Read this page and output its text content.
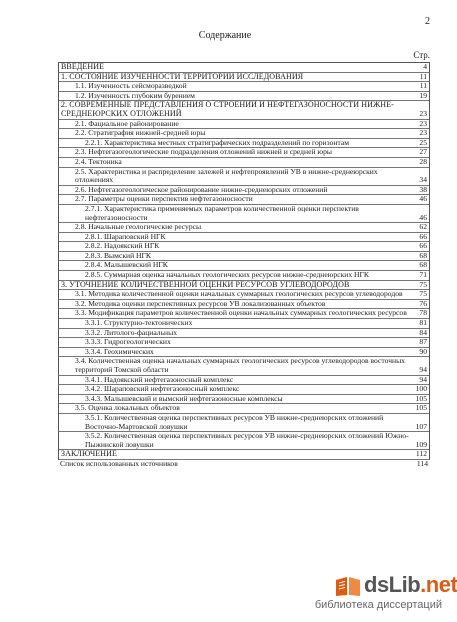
2
Содержание
Стр.
ВВЕДЕНИЕ	4
1. СОСТОЯНИЕ ИЗУЧЕННОСТИ ТЕРРИТОРИИ ИССЛЕДОВАНИЯ	11
1.1. Изученность сейсморазведкой	11
1.2. Изученность глубоким бурением	19
2. СОВРЕМЕННЫЕ ПРЕДСТАВЛЕНИЯ О СТРОЕНИИ И НЕФТЕГАЗОНОСНОСТИ НИЖНЕ-СРЕДНЕЮРСКИХ ОТЛОЖЕНИЙ	23
2.1. Фациальное районирование	23
2.2. Стратиграфия нижней-средней юры	23
2.2.1. Характеристика местных стратиграфических подразделений по горизонтам	25
2.3. Нефтегазогеологические подразделения отложений нижней и средней юры	27
2.4. Тектоника	28
2.5. Характеристика и распределение залежей и нефтепроявлений УВ в нижне-среднеюрских отложениях	34
2.6. Нефтегазогеологическое районирование нижне-среднеюрских отложений	38
2.7. Параметры оценки перспектив нефтегазоносности	46
2.7.1. Характеристика применяемых параметров количественной оценки перспектив нефтегазоносности	46
2.8. Начальные геологические ресурсы	62
2.8.1. Шараповский НГК	66
2.8.2. Надоякский НГК	66
2.8.3. Вымский НГК	68
2.8.4. Малышевский НГК	68
2.8.5. Суммарная оценка начальных геологических ресурсов нижне-среднеюрских НГК	71
3. УТОЧНЕНИЕ КОЛИЧЕСТВЕННОЙ ОЦЕНКИ РЕСУРСОВ УГЛЕВОДОРОДОВ	75
3.1. Методика количественной оценки начальных суммарных геологических ресурсов углеводородов	75
3.2. Методика оценки перспективных ресурсов УВ локализованных объектов	76
3.3. Модификация параметров количественной оценки начальных суммарных геологических ресурсов	78
3.3.1. Структурно-тектонических	81
3.3.2. Литолого-фациальных	84
3.3.3. Гидрогеологических	87
3.3.4. Геохимических	90
3.4. Количественная оценка начальных суммарных геологических ресурсов углеводородов восточных территорий Томской области	94
3.4.1. Надоякский нефтегазоносный комплекс	94
3.4.2. Шараповский нефтегазоносный комплекс	100
3.4.3. Малышевский и вымский нефтегазоносные комплексы	105
3.5. Оценка локальных объектов	105
3.5.1. Количественная оценка перспективных ресурсов УВ нижне-среднеюрских отложений Восточно-Мартовской ловушки	107
3.5.2. Количественная оценка перспективных ресурсов УВ нижне-среднеюрских отложений Южно-Пыжинской ловушки	109
ЗАКЛЮЧЕНИЕ	112
Список использованных источников	114
dsLib.net
библиотека диссертаций
